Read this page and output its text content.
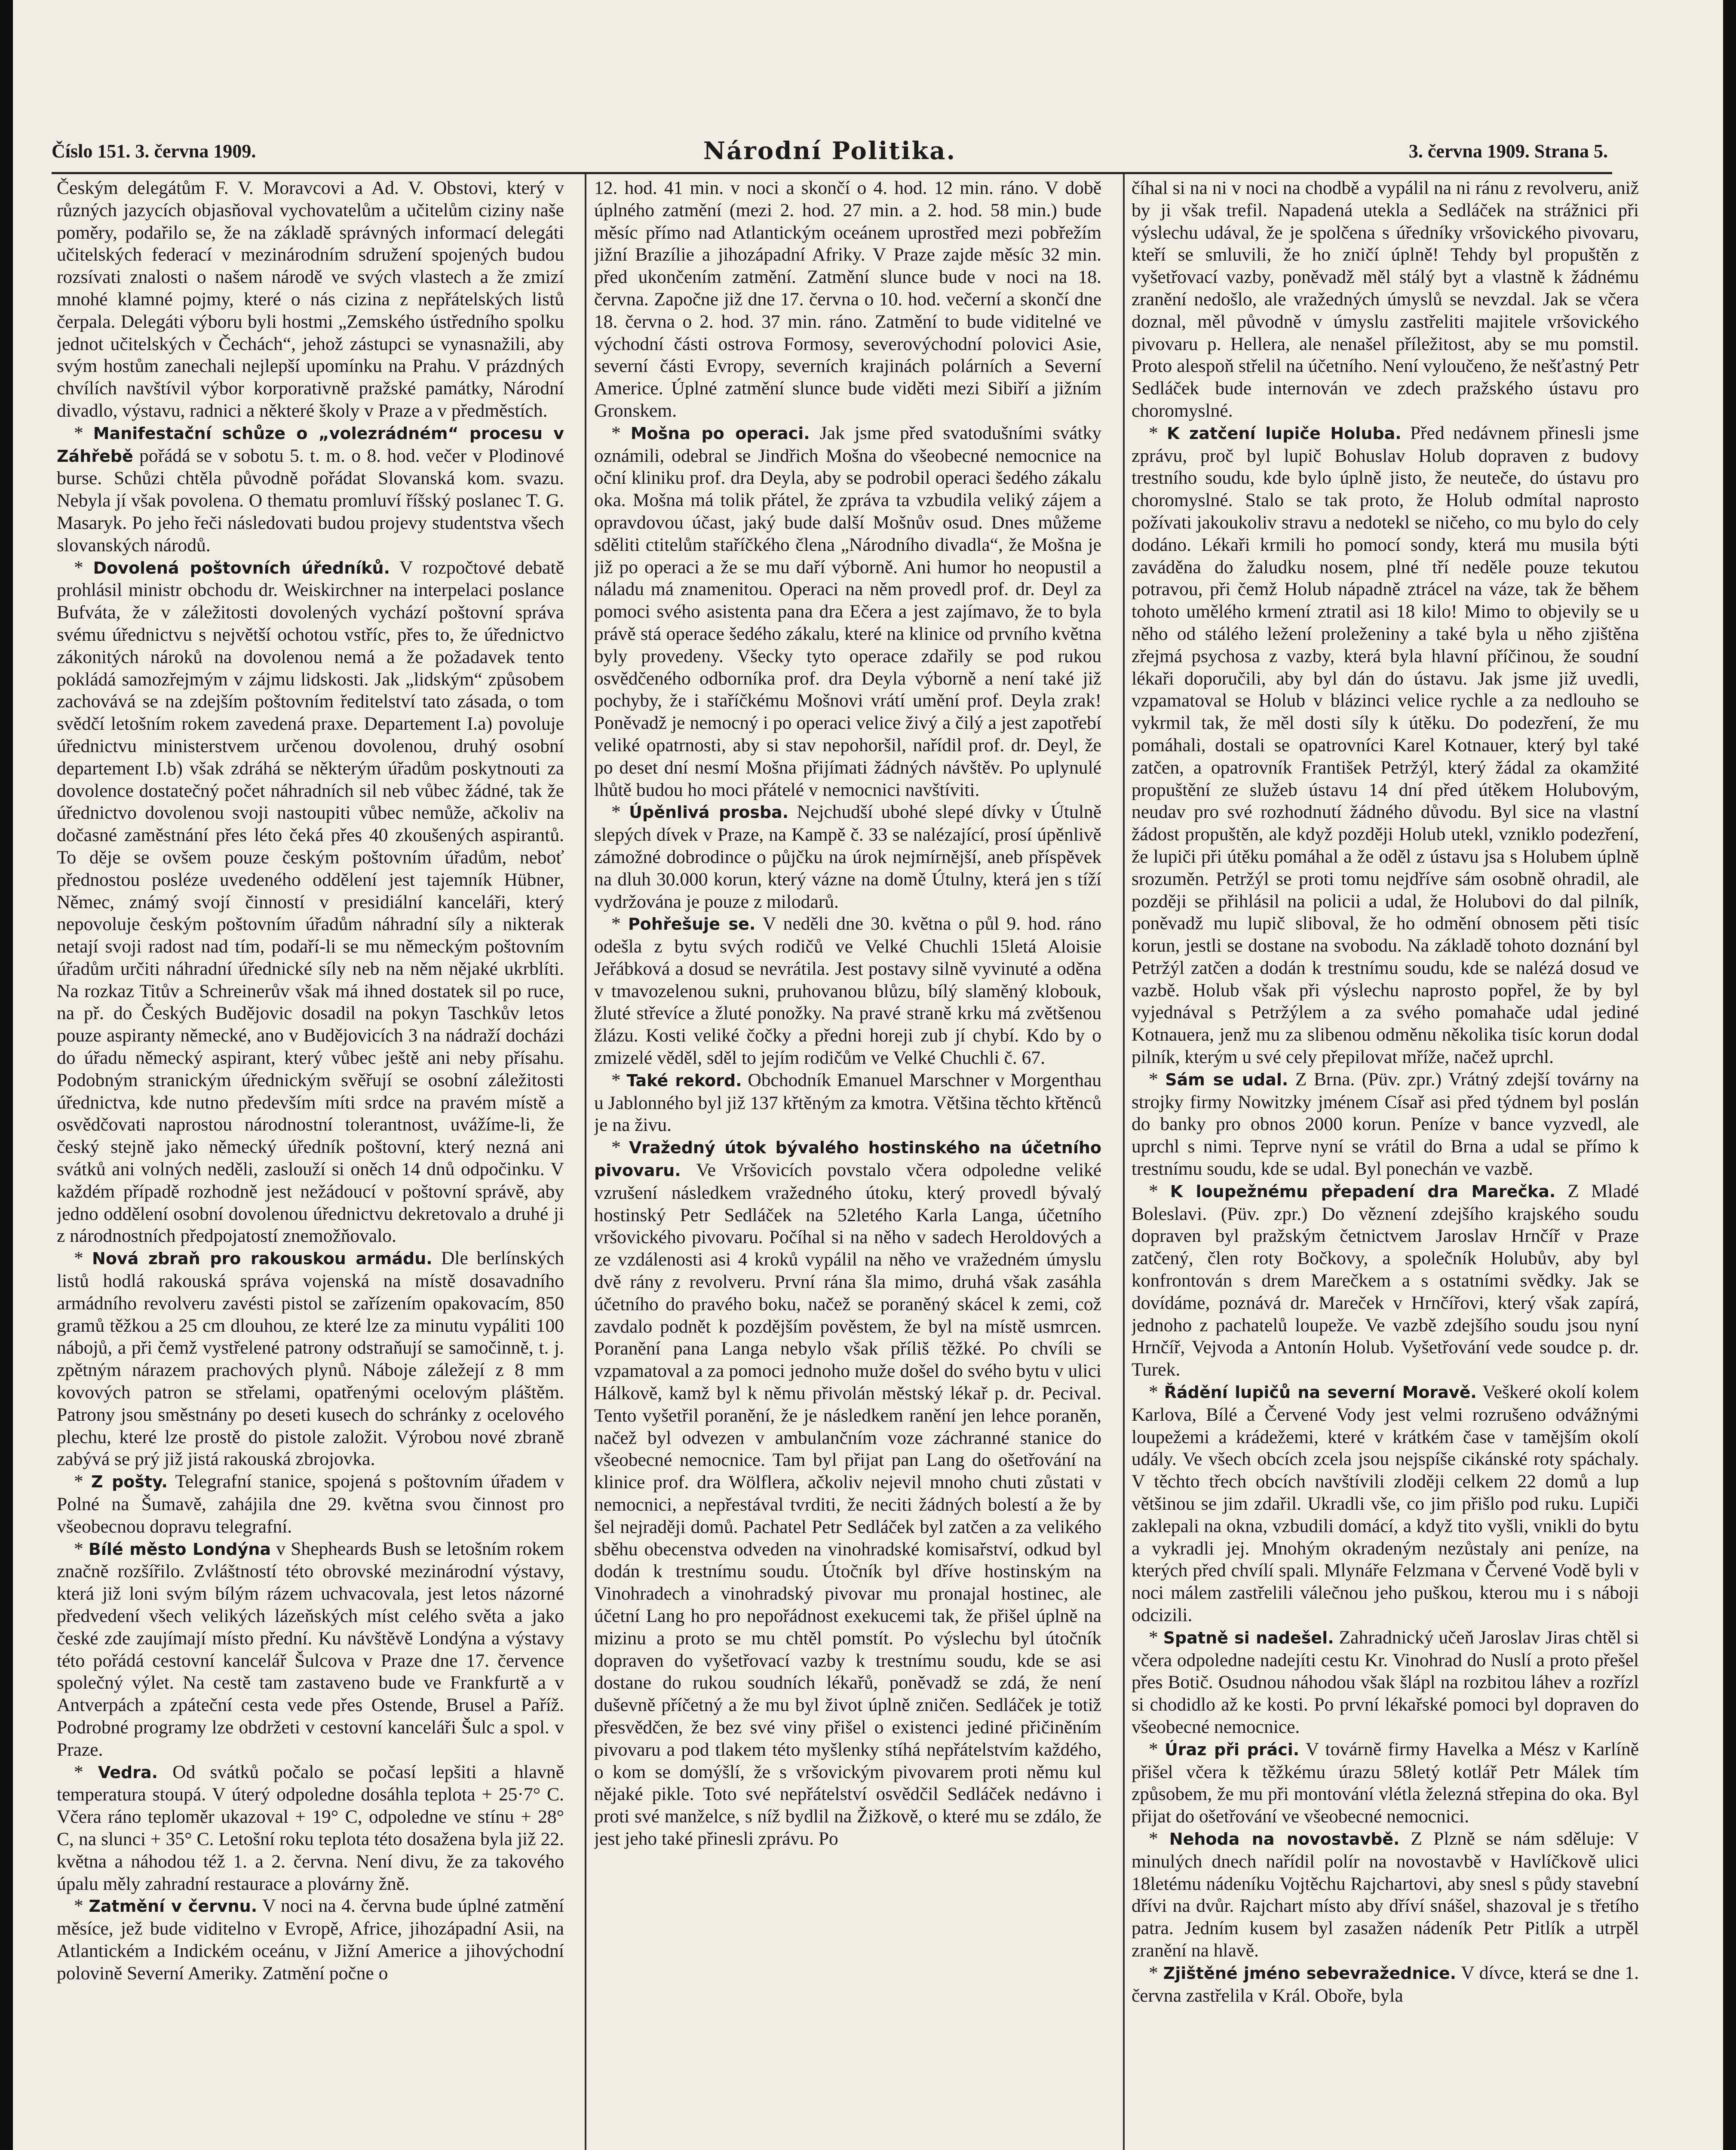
Číslo 151. 3. června 1909.	Národní Politika.	3. června 1909. Strana 5.

Českým delegátům F. V. Moravcovi a Ad. V. Obstovi, který v různých jazycích objasňoval vychovatelům a učitelům ciziny naše poměry, podařilo se, že na základě správných informací delegáti učitelských federací v mezinárodním sdružení spojených budou rozsívati znalosti o našem národě ve svých vlastech a že zmizí mnohé klamné pojmy, které o nás cizina z nepřátelských listů čerpala. Delegáti výboru byli hostmi „Zemského ústředního spolku jednot učitelských v Čechách“, jehož zástupci se vynasnažili, aby svým hostům zanechali nejlepší upomínku na Prahu. V prázdných chvílích navštívil výbor korporativně pražské památky, Národní divadlo, výstavu, radnici a některé školy v Praze a v předměstích.

* Manifestační schůze o „volezrádném“ procesu v Záhřebě pořádá se v sobotu 5. t. m. o 8. hod. večer v Plodinové burse. Schůzi chtěla původně pořádat Slovanská kom. svazu. Nebyla jí však povolena. O thematu promluví říšský poslanec T. G. Masaryk. Po jeho řeči následovati budou projevy studentstva všech slovanských národů.

* Dovolená poštovních úředníků. V rozpočtové debatě prohlásil ministr obchodu dr. Weiskirchner na interpelaci poslance Bufváta, že v záležitosti dovolených vychází poštovní správa svému úřednictvu s největší ochotou vstříc, přes to, že úřednictvo zákonitých nároků na dovolenou nemá a že požadavek tento pokládá samozřejmým v zájmu lidskosti. Jak „lidským“ způsobem zachovává se na zdejším poštovním ředitelství tato zásada, o tom svědčí letošním rokem zavedená praxe. Departement I.a) povoluje úřednictvu ministerstvem určenou dovolenou, druhý osobní departement I.b) však zdráhá se některým úřadům poskytnouti za dovolence dostatečný počet náhradních sil neb vůbec žádné, tak že úřednictvo dovolenou svoji nastoupiti vůbec nemůže, ačkoliv na dočasné zaměstnání přes léto čeká přes 40 zkoušených aspirantů. To děje se ovšem pouze českým poštovním úřadům, neboť přednostou posléze uvedeného oddělení jest tajemník Hübner, Němec, známý svojí činností v presidiální kanceláři, který nepovoluje českým poštovním úřadům náhradní síly a nikterak netají svoji radost nad tím, podaří-li se mu německým poštovním úřadům určiti náhradní úřednické síly neb na něm nějaké ukrblíti. Na rozkaz Titův a Schreinerův však má ihned dostatek sil po ruce, na př. do Českých Budějovic dosadil na pokyn Taschkův letos pouze aspiranty německé, ano v Budějovicích 3 na nádraží docházi do úřadu německý aspirant, který vůbec ještě ani neby přísahu. Podobným stranickým úřednickým svěřují se osobní záležitosti úřednictva, kde nutno především míti srdce na pravém místě a osvědčovati naprostou národnostní tolerantnost, uvážíme-li, že český stejně jako německý úředník poštovní, který nezná ani svátků ani volných neděli, zaslouží si oněch 14 dnů odpočinku. V každém případě rozhodně jest nežádoucí v poštovní správě, aby jedno oddělení osobní dovolenou úřednictvu dekretovalo a druhé ji z národnostních předpojatostí znemožňovalo.

* Nová zbraň pro rakouskou armádu. Dle berlínských listů hodlá rakouská správa vojenská na místě dosavadního armádního revolveru zavésti pistol se zařízením opakovacím, 850 gramů těžkou a 25 cm dlouhou, ze které lze za minutu vypáliti 100 nábojů, a při čemž vystřelené patrony odstraňují se samočinně, t. j. zpětným nárazem prachových plynů. Náboje záležejí z 8 mm kovových patron se střelami, opatřenými ocelovým pláštěm. Patrony jsou směstnány po deseti kusech do schránky z ocelového plechu, které lze prostě do pistole založit. Výrobou nové zbraně zabývá se prý již jistá rakouská zbrojovka.

* Z pošty. Telegrafní stanice, spojená s poštovním úřadem v Polné na Šumavě, zahájila dne 29. května svou činnost pro všeobecnou dopravu telegrafní.

* Bílé město Londýna v Shepheards Bush se letošním rokem značně rozšířilo. Zvláštností této obrovské mezinárodní výstavy, která již loni svým bílým rázem uchvacovala, jest letos názorné předvedení všech velikých lázeňských míst celého světa a jako české zde zaujímají místo přední. Ku návštěvě Londýna a výstavy této pořádá cestovní kancelář Šulcova v Praze dne 17. července společný výlet. Na cestě tam zastaveno bude ve Frankfurtě a v Antverpách a zpáteční cesta vede přes Ostende, Brusel a Paříž. Podrobné programy lze obdržeti v cestovní kanceláři Šulc a spol. v Praze.

* Vedra. Od svátků počalo se počasí lepšiti a hlavně temperatura stoupá. V úterý odpoledne dosáhla teplota + 25·7° C. Včera ráno teploměr ukazoval + 19° C, odpoledne ve stínu + 28° C, na slunci + 35° C. Letošní roku teplota této dosažena byla již 22. května a náhodou též 1. a 2. června. Není divu, že za takového úpalu měly zahradní restaurace a plovárny žně.

* Zatmění v červnu. V noci na 4. června bude úplné zatmění měsíce, jež bude viditelno v Evropě, Africe, jihozápadní Asii, na Atlantickém a Indickém oceánu, v Jižní Americe a jihovýchodní polovině Severní Ameriky. Zatmění počne o

12. hod. 41 min. v noci a skončí o 4. hod. 12 min. ráno. V době úplného zatmění (mezi 2. hod. 27 min. a 2. hod. 58 min.) bude měsíc přímo nad Atlantickým oceánem uprostřed mezi pobřežím jižní Brazílie a jihozápadní Afriky. V Praze zajde měsíc 32 min. před ukončením zatmění. Zatmění slunce bude v noci na 18. června. Započne již dne 17. června o 10. hod. večerní a skončí dne 18. června o 2. hod. 37 min. ráno. Zatmění to bude viditelné ve východní části ostrova Formosy, severovýchodní polovici Asie, severní části Evropy, severních krajinách polárních a Severní Americe. Úplné zatmění slunce bude viděti mezi Sibiří a jižním Gronskem.

* Mošna po operaci. Jak jsme před svatodušními svátky oznámili, odebral se Jindřich Mošna do všeobecné nemocnice na oční kliniku prof. dra Deyla, aby se podrobil operaci šedého zákalu oka. Mošna má tolik přátel, že zpráva ta vzbudila veliký zájem a opravdovou účast, jaký bude další Mošnův osud. Dnes můžeme sděliti ctitelům staříčkého člena „Národního divadla“, že Mošna je již po operaci a že se mu daří výborně. Ani humor ho neopustil a náladu má znamenitou. Operaci na něm provedl prof. dr. Deyl za pomoci svého asistenta pana dra Ečera a jest zajímavo, že to byla právě stá operace šedého zákalu, které na klinice od prvního května byly provedeny. Všecky tyto operace zdařily se pod rukou osvědčeného odborníka prof. dra Deyla výborně a není také již pochyby, že i staříčkému Mošnovi vrátí umění prof. Deyla zrak! Poněvadž je nemocný i po operaci velice živý a čilý a jest zapotřebí veliké opatrnosti, aby si stav nepohoršil, nařídil prof. dr. Deyl, že po deset dní nesmí Mošna přijímati žádných návštěv. Po uplynulé lhůtě budou ho moci přátelé v nemocnici navštíviti.

* Úpěnlivá prosba. Nejchudší ubohé slepé dívky v Útulně slepých dívek v Praze, na Kampě č. 33 se nalézající, prosí úpěnlivě zámožné dobrodince o půjčku na úrok nejmírnější, aneb příspěvek na dluh 30.000 korun, který vázne na domě Útulny, která jen s tíží vydržována je pouze z milodarů.

* Pohřešuje se. V neděli dne 30. května o půl 9. hod. ráno odešla z bytu svých rodičů ve Velké Chuchli 15letá Aloisie Jeřábková a dosud se nevrátila. Jest postavy silně vyvinuté a oděna v tmavozelenou sukni, pruhovanou blůzu, bílý slaměný klobouk, žluté střevíce a žluté ponožky. Na pravé straně krku má zvětšenou žlázu. Kosti veliké čočky a předni horeji zub jí chybí. Kdo by o zmizelé věděl, sděl to jejím rodičům ve Velké Chuchli č. 67.

* Také rekord. Obchodník Emanuel Marschner v Morgenthau u Jablonného byl již 137 křtěným za kmotra. Většina těchto křtěnců je na živu.

* Vražedný útok bývalého hostinského na účetního pivovaru. Ve Vršovicích povstalo včera odpoledne veliké vzrušení následkem vražedného útoku, který provedl bývalý hostinský Petr Sedláček na 52letého Karla Langa, účetního vršovického pivovaru. Počíhal si na něho v sadech Heroldových a ze vzdálenosti asi 4 kroků vypálil na něho ve vražedném úmyslu dvě rány z revolveru. První rána šla mimo, druhá však zasáhla účetního do pravého boku, načež se poraněný skácel k zemi, což zavdalo podnět k pozdějším pověstem, že byl na místě usmrcen. Poranění pana Langa nebylo však příliš těžké. Po chvíli se vzpamatoval a za pomoci jednoho muže došel do svého bytu v ulici Hálkově, kamž byl k němu přivolán městský lékař p. dr. Pecival. Tento vyšetřil poranění, že je následkem ranění jen lehce poraněn, načež byl odvezen v ambulančním voze záchranné stanice do všeobecné nemocnice. Tam byl přijat pan Lang do ošetřování na klinice prof. dra Wölflera, ačkoliv nejevil mnoho chuti zůstati v nemocnici, a nepřestával tvrditi, že neciti žádných bolestí a že by šel nejraději domů. Pachatel Petr Sedláček byl zatčen a za velikého sběhu obecenstva odveden na vinohradské komisařství, odkud byl dodán k trestnímu soudu. Útočník byl dříve hostinským na Vinohradech a vinohradský pivovar mu pronajal hostinec, ale účetní Lang ho pro nepořádnost exekucemi tak, že přišel úplně na mizinu a proto se mu chtěl pomstít. Po výslechu byl útočník dopraven do vyšetřovací vazby k trestnímu soudu, kde se asi dostane do rukou soudních lékařů, poněvadž se zdá, že není duševně příčetný a že mu byl život úplně zničen. Sedláček je totiž přesvědčen, že bez své viny přišel o existenci jediné přičiněním pivovaru a pod tlakem této myšlenky stíhá nepřátelstvím každého, o kom se domýšlí, že s vršovickým pivovarem proti němu kul nějaké pikle. Toto své nepřátelství osvědčil Sedláček nedávno i proti své manželce, s níž bydlil na Žižkově, o které mu se zdálo, že jest jeho také přinesli zprávu. Po

číhal si na ni v noci na chodbě a vypálil na ni ránu z revolveru, aniž by ji však trefil. Napadená utekla a Sedláček na strážnici při výslechu udával, že je spolčena s úředníky vršovického pivovaru, kteří se smluvili, že ho zničí úplně! Tehdy byl propuštěn z vyšetřovací vazby, poněvadž měl stálý byt a vlastně k žádnému zranění nedošlo, ale vražedných úmyslů se nevzdal. Jak se včera doznal, měl původně v úmyslu zastřeliti majitele vršovického pivovaru p. Hellera, ale nenašel příležitost, aby se mu pomstil. Proto alespoň střelil na účetního. Není vyloučeno, že nešťastný Petr Sedláček bude internován ve zdech pražského ústavu pro choromyslné.

* K zatčení lupiče Holuba. Před nedávnem přinesli jsme zprávu, proč byl lupič Bohuslav Holub dopraven z budovy trestního soudu, kde bylo úplně jisto, že neuteče, do ústavu pro choromyslné. Stalo se tak proto, že Holub odmítal naprosto požívati jakoukoliv stravu a nedotekl se ničeho, co mu bylo do cely dodáno. Lékaři krmili ho pomocí sondy, která mu musila býti zaváděna do žaludku nosem, plné tří neděle pouze tekutou potravou, při čemž Holub nápadně ztrácel na váze, tak že během tohoto umělého krmení ztratil asi 18 kilo! Mimo to objevily se u něho od stálého ležení proleženiny a také byla u něho zjištěna zřejmá psychosa z vazby, která byla hlavní příčinou, že soudní lékaři doporučili, aby byl dán do ústavu. Jak jsme již uvedli, vzpamatoval se Holub v blázinci velice rychle a za nedlouho se vykrmil tak, že měl dosti síly k útěku. Do podezření, že mu pomáhali, dostali se opatrovníci Karel Kotnauer, který byl také zatčen, a opatrovník František Petržýl, který žádal za okamžité propuštění ze služeb ústavu 14 dní před útěkem Holubovým, neudav pro své rozhodnutí žádného důvodu. Byl sice na vlastní žádost propuštěn, ale když později Holub utekl, vzniklo podezření, že lupiči při útěku pomáhal a že oděl z ústavu jsa s Holubem úplně srozuměn. Petržýl se proti tomu nejdříve sám osobně ohradil, ale později se přihlásil na policii a udal, že Holubovi do dal pilník, poněvadž mu lupič sliboval, že ho odmění obnosem pěti tisíc korun, jestli se dostane na svobodu. Na základě tohoto doznání byl Petržýl zatčen a dodán k trestnímu soudu, kde se nalézá dosud ve vazbě. Holub však při výslechu naprosto popřel, že by byl vyjednával s Petržýlem a za svého pomahače udal jediné Kotnauera, jenž mu za slibenou odměnu několika tisíc korun dodal pilník, kterým u své cely přepilovat mříže, načež uprchl.

* Sám se udal. Z Brna. (Püv. zpr.) Vrátný zdejší továrny na strojky firmy Nowitzky jménem Císař asi před týdnem byl poslán do banky pro obnos 2000 korun. Peníze v bance vyzvedl, ale uprchl s nimi. Teprve nyní se vrátil do Brna a udal se přímo k trestnímu soudu, kde se udal. Byl ponechán ve vazbě.

* K loupežnému přepadení dra Marečka. Z Mladé Boleslavi. (Püv. zpr.) Do věznení zdejšího krajského soudu dopraven byl pražským četnictvem Jaroslav Hrnčíř v Praze zatčený, člen roty Bočkovy, a společník Holubův, aby byl konfrontován s drem Marečkem a s ostatními svědky. Jak se dovídáme, poznává dr. Mareček v Hrnčířovi, který však zapírá, jednoho z pachatelů loupeže. Ve vazbě zdejšího soudu jsou nyní Hrnčíř, Vejvoda a Antonín Holub. Vyšetřování vede soudce p. dr. Turek.

* Řádění lupičů na severní Moravě. Veškeré okolí kolem Karlova, Bílé a Červené Vody jest velmi rozrušeno odvážnými loupežemi a krádežemi, které v krátkém čase v tamějším okolí udály. Ve všech obcích zcela jsou nejspíše cikánské roty spáchaly. V těchto třech obcích navštívili zloději celkem 22 domů a lup většinou se jim zdařil. Ukradli vše, co jim přišlo pod ruku. Lupiči zaklepali na okna, vzbudili domácí, a když tito vyšli, vnikli do bytu a vykradli jej. Mnohým okradeným nezůstaly ani peníze, na kterých před chvílí spali. Mlynáře Felzmana v Červené Vodě byli v noci málem zastřelili válečnou jeho puškou, kterou mu i s náboji odcizili.

* Spatně si nadešel. Zahradnický učeň Jaroslav Jiras chtěl si včera odpoledne nadejíti cestu Kr. Vinohrad do Nuslí a proto přešel přes Botič. Osudnou náhodou však šlápl na rozbitou láhev a rozřízl si chodidlo až ke kosti. Po první lékařské pomoci byl dopraven do všeobecné nemocnice.

* Úraz při práci. V továrně firmy Havelka a Mész v Karlíně přišel včera k těžkému úrazu 58letý kotlář Petr Málek tím způsobem, že mu při montování vlétla železná střepina do oka. Byl přijat do ošetřování ve všeobecné nemocnici.

* Nehoda na novostavbě. Z Plzně se nám sděluje: V minulých dnech nařídil polír na novostavbě v Havlíčkově ulici 18letému nádeníku Vojtěchu Rajchartovi, aby snesl s půdy stavební dřívi na dvůr. Rajchart místo aby dříví snášel, shazoval je s třetího patra. Jedním kusem byl zasažen nádeník Petr Pitlík a utrpěl zranění na hlavě.

* Zjištěné jméno sebevražednice. V dívce, která se dne 1. června zastřelila v Král. Oboře, byla
